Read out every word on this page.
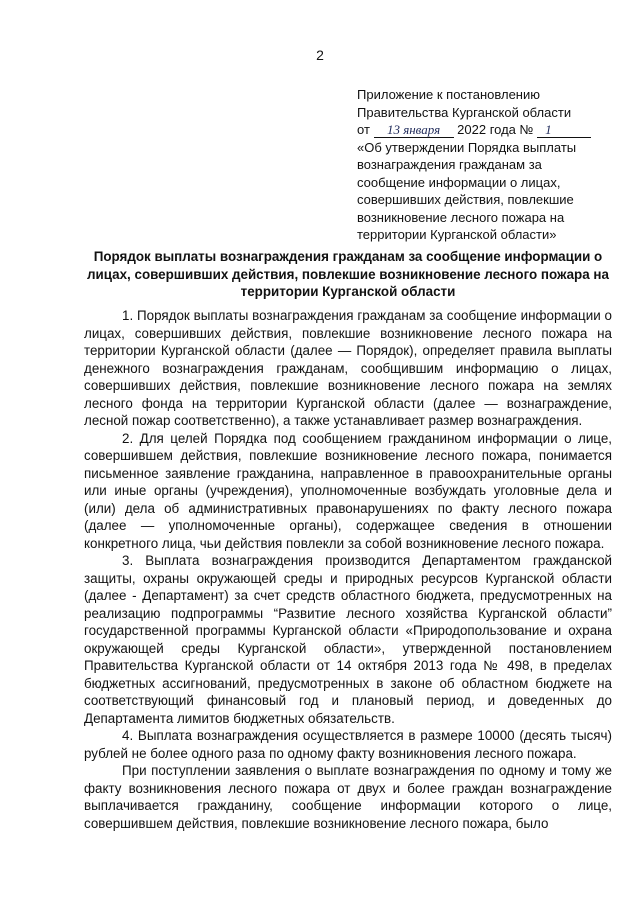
2
Приложение к постановлению
Правительства Курганской области
от 13 января 2022 года № 1
«Об утверждении Порядка выплаты
вознаграждения гражданам за
сообщение информации о лицах,
совершивших действия, повлекшие
возникновение лесного пожара на
территории Курганской области»
Порядок выплаты вознаграждения гражданам за сообщение информации о лицах, совершивших действия, повлекшие возникновение лесного пожара на территории Курганской области

1. Порядок выплаты вознаграждения гражданам за сообщение информации о лицах, совершивших действия, повлекшие возникновение лесного пожара на территории Курганской области (далее — Порядок), определяет правила выплаты денежного вознаграждения гражданам, сообщившим информацию о лицах, совершивших действия, повлекшие возникновение лесного пожара на землях лесного фонда на территории Курганской области (далее — вознаграждение, лесной пожар соответственно), а также устанавливает размер вознаграждения.

2. Для целей Порядка под сообщением гражданином информации о лице, совершившем действия, повлекшие возникновение лесного пожара, понимается письменное заявление гражданина, направленное в правоохранительные органы или иные органы (учреждения), уполномоченные возбуждать уголовные дела и (или) дела об административных правонарушениях по факту лесного пожара (далее — уполномоченные органы), содержащее сведения в отношении конкретного лица, чьи действия повлекли за собой возникновение лесного пожара.

3. Выплата вознаграждения производится Департаментом гражданской защиты, охраны окружающей среды и природных ресурсов Курганской области (далее - Департамент) за счет средств областного бюджета, предусмотренных на реализацию подпрограммы “Развитие лесного хозяйства Курганской области” государственной программы Курганской области «Природопользование и охрана окружающей среды Курганской области», утвержденной постановлением Правительства Курганской области от 14 октября 2013 года № 498, в пределах бюджетных ассигнований, предусмотренных в законе об областном бюджете на соответствующий финансовый год и плановый период, и доведенных до Департамента лимитов бюджетных обязательств.

4. Выплата вознаграждения осуществляется в размере 10000 (десять тысяч) рублей не более одного раза по одному факту возникновения лесного пожара.

При поступлении заявления о выплате вознаграждения по одному и тому же факту возникновения лесного пожара от двух и более граждан вознаграждение выплачивается гражданину, сообщение информации которого о лице, совершившем действия, повлекшие возникновение лесного пожара, было
